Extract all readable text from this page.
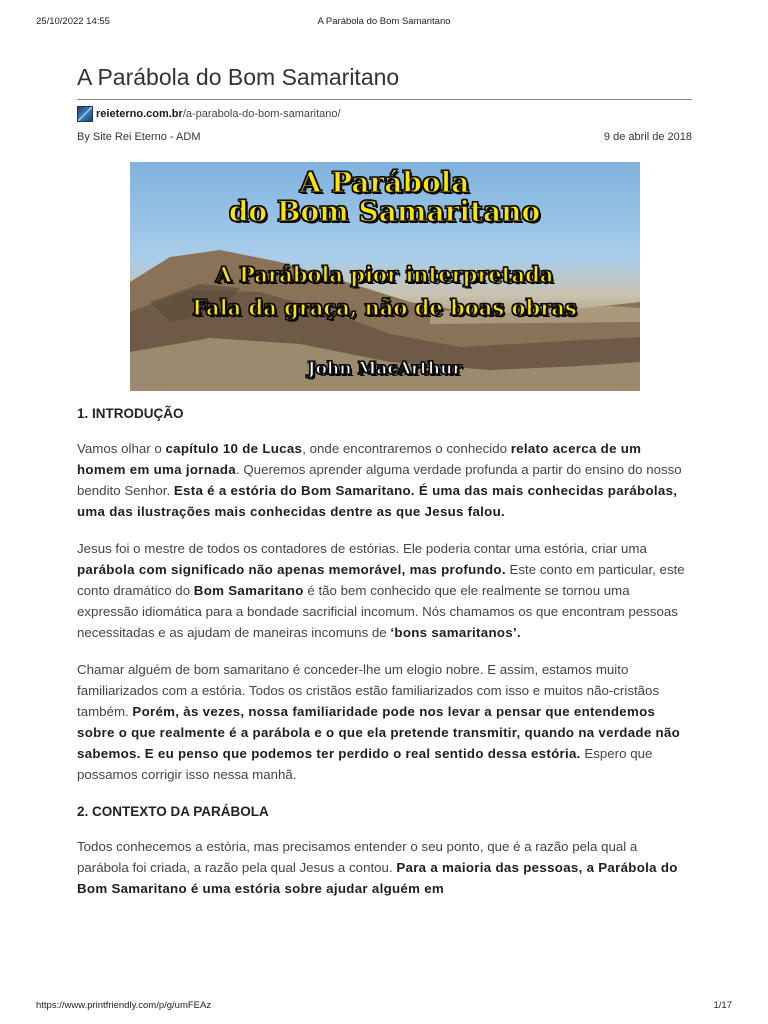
25/10/2022 14:55	A Parábola do Bom Samaritano
A Parábola do Bom Samaritano
reieterno.com.br /a-parabola-do-bom-samaritano/
By Site Rei Eterno - ADM	9 de abril de 2018
A Parábola
do Bom Samaritano
A Parábola pior interpretada
Fala da graça, não de boas obras
John MacArthur
1. INTRODUÇÃO

Vamos olhar o capítulo 10 de Lucas, onde encontraremos o conhecido relato acerca de um homem em uma jornada. Queremos aprender alguma verdade profunda a partir do ensino do nosso bendito Senhor. Esta é a estória do Bom Samaritano. É uma das mais conhecidas parábolas, uma das ilustrações mais conhecidas dentre as que Jesus falou.

Jesus foi o mestre de todos os contadores de estórias. Ele poderia contar uma estória, criar uma parábola com significado não apenas memorável, mas profundo. Este conto em particular, este conto dramático do Bom Samaritano é tão bem conhecido que ele realmente se tornou uma expressão idiomática para a bondade sacrificial incomum. Nós chamamos os que encontram pessoas necessitadas e as ajudam de maneiras incomuns de ‘bons samaritanos’.

Chamar alguém de bom samaritano é conceder-lhe um elogio nobre. E assim, estamos muito familiarizados com a estória. Todos os cristãos estão familiarizados com isso e muitos não-cristãos também. Porém, às vezes, nossa familiaridade pode nos levar a pensar que entendemos sobre o que realmente é a parábola e o que ela pretende transmitir, quando na verdade não sabemos. E eu penso que podemos ter perdido o real sentido dessa estória. Espero que possamos corrigir isso nessa manhã.

2. CONTEXTO DA PARÁBOLA

Todos conhecemos a estória, mas precisamos entender o seu ponto, que é a razão pela qual a parábola foi criada, a razão pela qual Jesus a contou. Para a maioria das pessoas, a Parábola do Bom Samaritano é uma estória sobre ajudar alguém em

https://www.printfriendly.com/p/g/umFEAz	1/17
